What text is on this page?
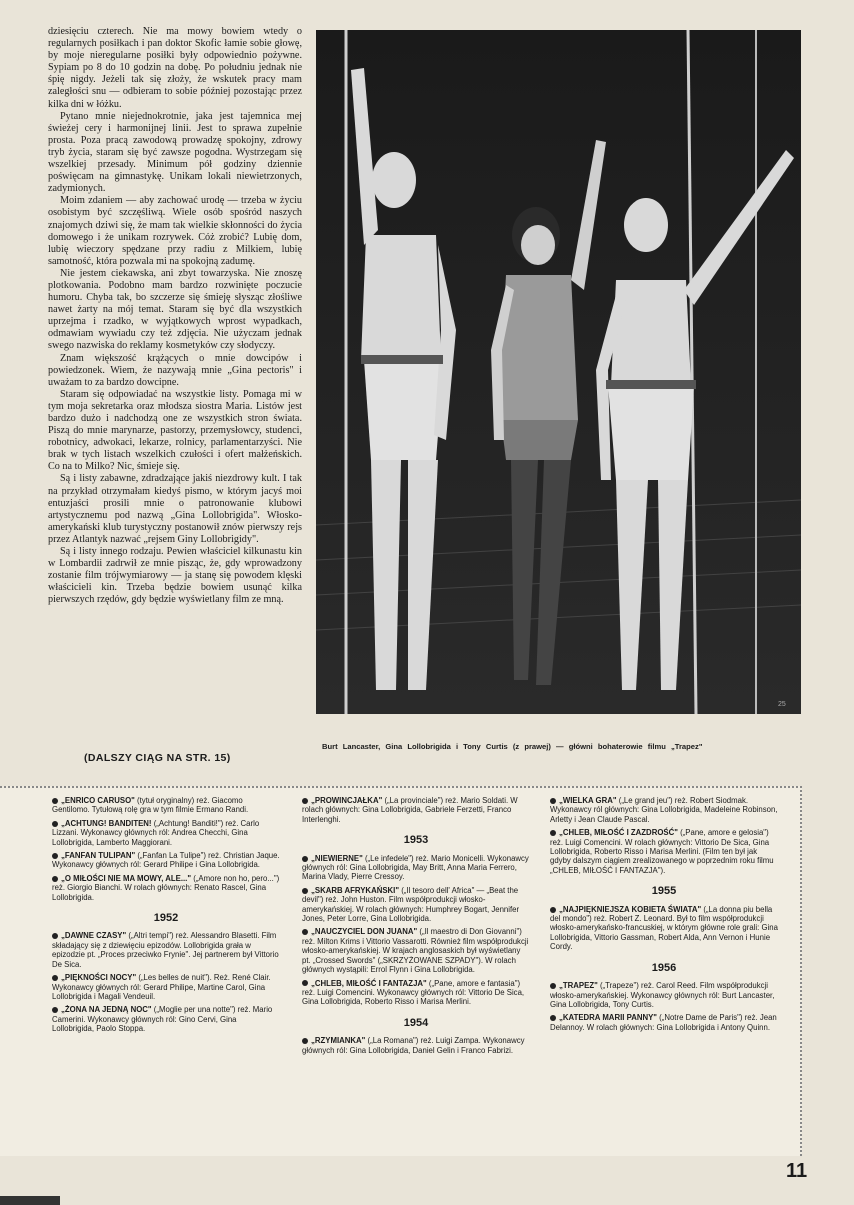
dziesięciu czterech. Nie ma mowy bowiem wtedy o regularnych posiłkach i pan doktor Skofic łamie sobie głowę, by moje nieregularne posiłki były odpowiednio pożywne. Sypiam po 8 do 10 godzin na dobę. Po południu jednak nie śpię nigdy. Jeżeli tak się złoży, że wskutek pracy mam zaległości snu — odbieram to sobie później pozostając przez kilka dni w łóżku.

Pytano mnie niejednokrotnie, jaka jest tajemnica mej świeżej cery i harmonijnej linii. Jest to sprawa zupełnie prosta. Poza pracą zawodową prowadzę spokojny, zdrowy tryb życia, staram się być zawsze pogodna. Wystrzegam się wszelkiej przesady. Minimum pół godziny dziennie poświęcam na gimnastykę. Unikam lokali niewietrzonych, zadymionych.

Moim zdaniem — aby zachować urodę — trzeba w życiu osobistym być szczęśliwą. Wiele osób spośród naszych znajomych dziwi się, że mam tak wielkie skłonności do życia domowego i że unikam rozrywek. Cóż zrobić? Lubię dom, lubię wieczory spędzane przy radiu z Milkiem, lubię samotność, która pozwala mi na spokojną zadumę.

Nie jestem ciekawska, ani zbyt towarzyska. Nie znoszę plotkowania. Podobno mam bardzo rozwinięte poczucie humoru. Chyba tak, bo szczerze się śmieję słysząc złośliwe nawet żarty na mój temat. Staram się być dla wszystkich uprzejma i rzadko, w wyjątkowych wprost wypadkach, odmawiam wywiadu czy też zdjęcia. Nie użyczam jednak swego nazwiska do reklamy kosmetyków czy słodyczy.

Znam większość krążących o mnie dowcipów i powiedzonek. Wiem, że nazywają mnie „Gina pectoris" i uważam to za bardzo dowcipne.

Staram się odpowiadać na wszystkie listy. Pomaga mi w tym moja sekretarka oraz młodsza siostra Maria. Listów jest bardzo dużo i nadchodzą one ze wszystkich stron świata. Piszą do mnie marynarze, pastorzy, przemysłowcy, studenci, robotnicy, adwokaci, lekarze, rolnicy, parlamentarzyści. Nie brak w tych listach wszelkich czułości i ofert małżeńskich. Co na to Milko? Nic, śmieje się.

Są i listy zabawne, zdradzające jakiś niezdrowy kult. I tak na przykład otrzymałam kiedyś pismo, w którym jacyś moi entuzjaści prosili mnie o patronowanie klubowi artystycznemu pod nazwą „Gina Lollobrigida". Włosko-amerykański klub turystyczny postanowił znów pierwszy rejs przez Atlantyk nazwać „rejsem Giny Lollobrigidy".

Są i listy innego rodzaju. Pewien właściciel kilkunastu kin w Lombardii zadrwił ze mnie pisząc, że, gdy wprowadzony zostanie film trójwymiarowy — ja stanę się powodem klęski właścicieli kin. Trzeba będzie bowiem usunąć kilka pierwszych rzędów, gdy będzie wyświetlany film ze mną.

(DALSZY CIĄG NA STR. 15)
25
Burt Lancaster, Gina Lollobrigida i Tony Curtis (z prawej) — główni bohaterowie filmu „Trapez"
„ENRICO CARUSO" (tytuł oryginalny) reż. Giacomo Gentilomo. Tytułową rolę gra w tym filmie Ermano Randi.
„ACHTUNG! BANDITEN! („Achtung! Banditi!") reż. Carlo Lizzani. Wykonawcy głównych ról: Andrea Checchi, Gina Lollobrigida, Lamberto Maggiorani.
„FANFAN TULIPAN" („Fanfan La Tulipe") reż. Christian Jaque. Wykonawcy głównych ról: Gerard Philipe i Gina Lollobrigida.
„O MIŁOŚCI NIE MA MOWY, ALE..." („Amore non ho, pero...") reż. Giorgio Bianchi. W rolach głównych: Renato Rascel, Gina Lollobrigida.
1952
„DAWNE CZASY" („Altri tempi") reż. Alessandro Blasetti. Film składający się z dziewięciu epizodów. Lollobrigida grała w epizodzie pt. „Proces przeciwko Frynie". Jej partnerem był Vittorio De Sica.
„PIĘKNOŚCI NOCY" („Les belles de nuit"). Reż. René Clair. Wykonawcy głównych ról: Gerard Philipe, Martine Carol, Gina Lollobrigida i Magali Vendeuil.
„ŻONA NA JEDNĄ NOC" („Moglie per una notte") reż. Mario Camerini. Wykonawcy głównych ról: Gino Cervi, Gina Lollobrigida, Paolo Stoppa.
„PROWINCJAŁKA" („La provinciale") reż. Mario Soldati. W rolach głównych: Gina Lollobrigida, Gabriele Ferzetti, Franco Interlenghi.
1953
„NIEWIERNE" („Le infedele") reż. Mario Monicelli. Wykonawcy głównych ról: Gina Lollobrigida, May Britt, Anna Maria Ferrero, Marina Vlady, Pierre Cressoy.
„SKARB AFRYKAŃSKI" („Il tesoro dell' Africa" — „Beat the devil") reż. John Huston. Film współprodukcji włosko-amerykańskiej. W rolach głównych: Humphrey Bogart, Jennifer Jones, Peter Lorre, Gina Lollobrigida.
„NAUCZYCIEL DON JUANA" („Il maestro di Don Giovanni") reż. Milton Krims i Vittorio Vassarotti. Również film współprodukcji włosko-amerykańskiej. W krajach anglosaskich był wyświetlany pt. „Crossed Swords" („SKRZYŻOWANE SZPADY"). W rolach głównych wystąpili: Errol Flynn i Gina Lollobrigida.
„CHLEB, MIŁOŚĆ I FANTAZJA" („Pane, amore e fantasia") reż. Luigi Comencini. Wykonawcy głównych ról: Vittorio De Sica, Gina Lollobrigida, Roberto Risso i Marisa Merlini.
1954
„RZYMIANKA" („La Romana") reż. Luigi Zampa. Wykonawcy głównych ról: Gina Lollobrigida, Daniel Gelin i Franco Fabrizi.
„WIELKA GRA" („Le grand jeu") reż. Robert Siodmak. Wykonawcy ról głównych: Gina Lollobrigida, Madeleine Robinson, Arletty i Jean Claude Pascal.
„CHLEB, MIŁOŚĆ I ZAZDROŚĆ" („Pane, amore e gelosia") reż. Luigi Comencini. W rolach głównych: Vittorio De Sica, Gina Lollobrigida, Roberto Risso i Marisa Merlini. (Film ten był jak gdyby dalszym ciągiem zrealizowanego w poprzednim roku filmu „CHLEB, MIŁOŚĆ I FANTAZJA").
1955
„NAJPIĘKNIEJSZA KOBIETA ŚWIATA" („La donna piu bella del mondo") reż. Robert Z. Leonard. Był to film współprodukcji włosko-amerykańsko-francuskiej, w którym główne role grali: Gina Lollobrigida, Vittorio Gassman, Robert Alda, Ann Vernon i Hunie Cordy.
1956
„TRAPEZ" („Trapeze") reż. Carol Reed. Film współprodukcji włosko-amerykańskiej. Wykonawcy głównych ról: Burt Lancaster, Gina Lollobrigida, Tony Curtis.
„KATEDRA MARII PANNY" („Notre Dame de Paris") reż. Jean Delannoy. W rolach głównych: Gina Lollobrigida i Antony Quinn.
11
